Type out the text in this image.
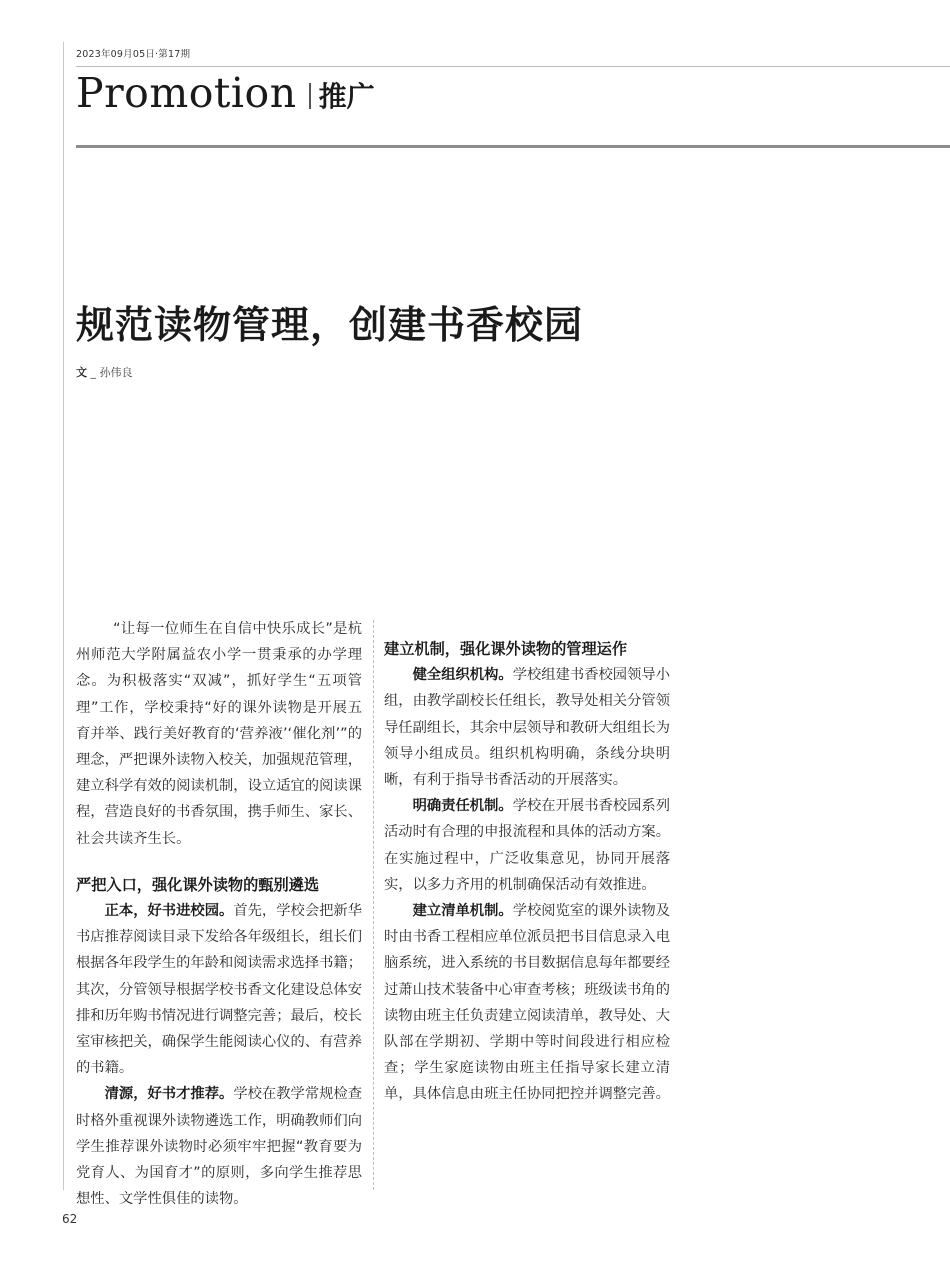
2023年09月05日·第17期
Promotion 推广
规范读物管理，创建书香校园
文 _ 孙伟良

“让每一位师生在自信中快乐成长”是杭州师范大学附属益农小学一贯秉承的办学理念。为积极落实“双减”，抓好学生“五项管理”工作，学校秉持“好的课外读物是开展五育并举、践行美好教育的‘营养液’‘催化剂’”的理念，严把课外读物入校关，加强规范管理，建立科学有效的阅读机制，设立适宜的阅读课程，营造良好的书香氛围，携手师生、家长、社会共读齐生长。

严把入口，强化课外读物的甄别遴选

正本，好书进校园。首先，学校会把新华书店推荐阅读目录下发给各年级组长，组长们根据各年段学生的年龄和阅读需求选择书籍；其次，分管领导根据学校书香文化建设总体安排和历年购书情况进行调整完善；最后，校长室审核把关，确保学生能阅读心仪的、有营养的书籍。

清源，好书才推荐。学校在教学常规检查时格外重视课外读物遴选工作，明确教师们向学生推荐课外读物时必须牢牢把握“教育要为党育人、为国育才”的原则，多向学生推荐思想性、文学性俱佳的读物。

建立机制，强化课外读物的管理运作

健全组织机构。学校组建书香校园领导小组，由教学副校长任组长，教导处相关分管领导任副组长，其余中层领导和教研大组组长为领导小组成员。组织机构明确，条线分块明晰，有利于指导书香活动的开展落实。

明确责任机制。学校在开展书香校园系列活动时有合理的申报流程和具体的活动方案。在实施过程中，广泛收集意见，协同开展落实，以多力齐用的机制确保活动有效推进。

建立清单机制。学校阅览室的课外读物及时由书香工程相应单位派员把书目信息录入电脑系统，进入系统的书目数据信息每年都要经过萧山技术装备中心审查考核；班级读书角的读物由班主任负责建立阅读清单，教导处、大队部在学期初、学期中等时间段进行相应检查；学生家庭读物由班主任指导家长建立清单，具体信息由班主任协同把控并调整完善。

62
